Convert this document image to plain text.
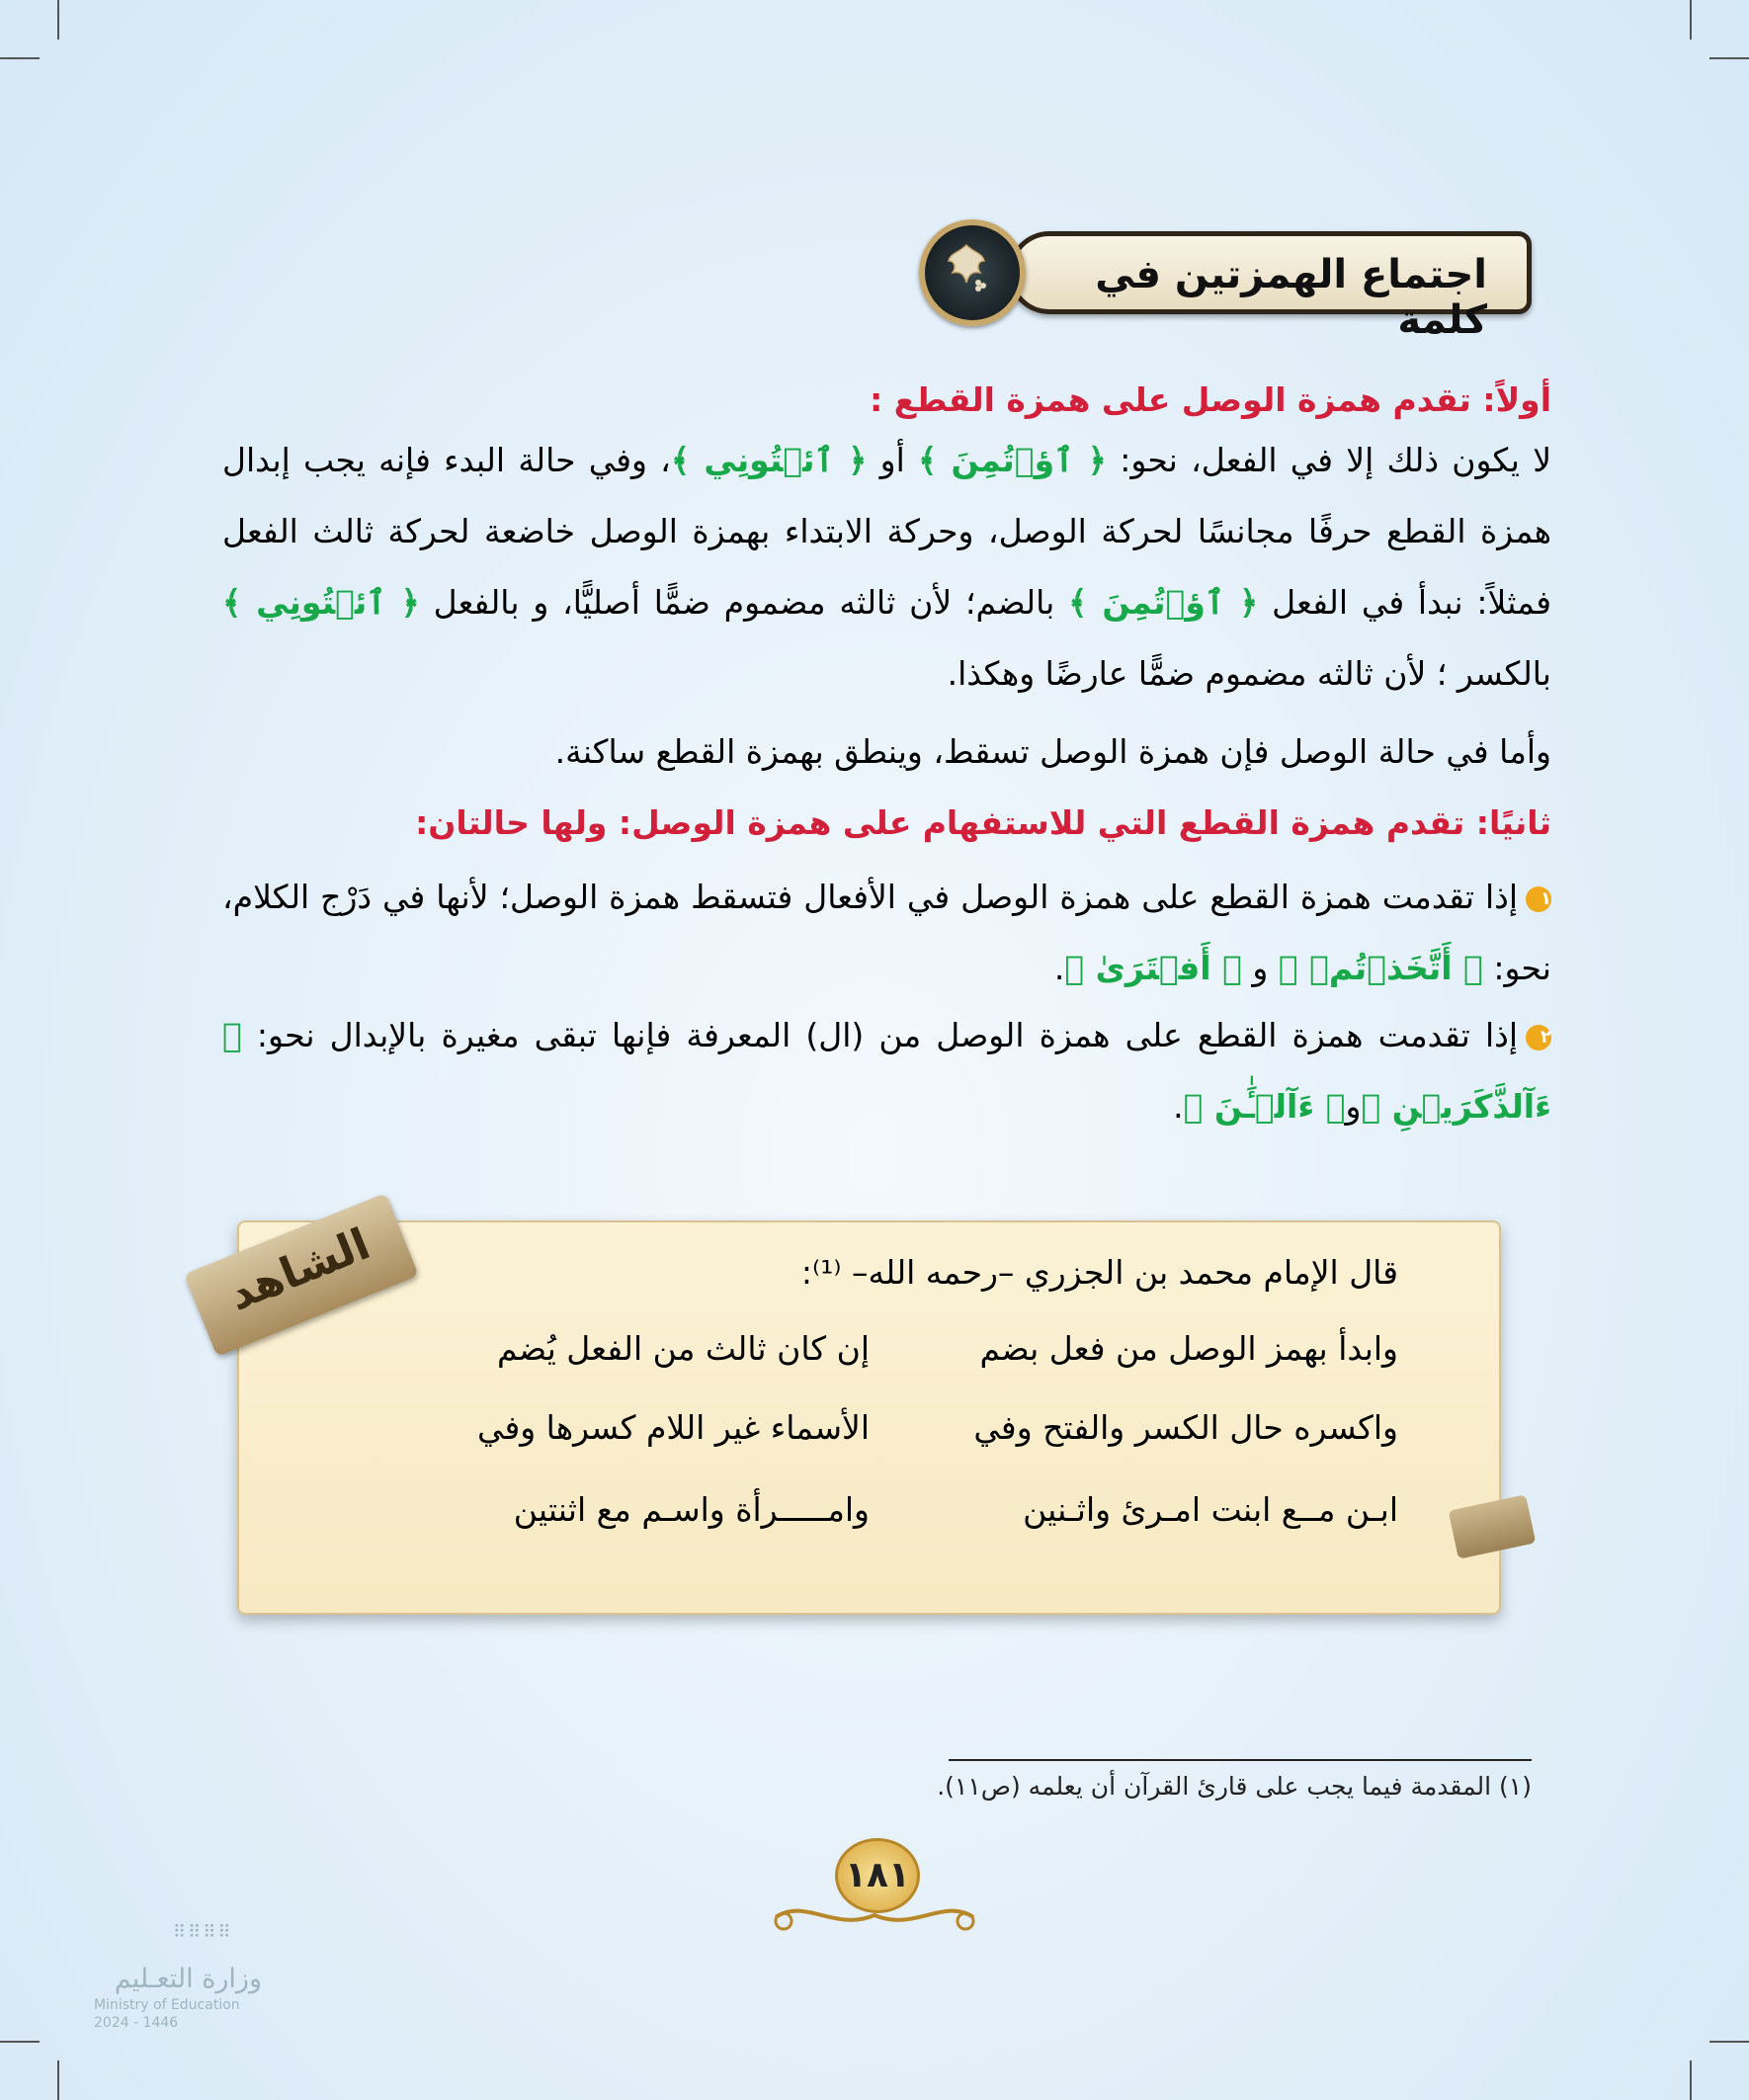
اجتماع الهمزتين في كلمة
أولاً: تقدم همزة الوصل على همزة القطع :
لا يكون ذلك إلا في الفعل، نحو: ﴿ ٱؤۡتُمِنَ ﴾ أو ﴿ ٱئۡتُونِي ﴾، وفي حالة البدء فإنه يجب إبدال همزة القطع حرفًا مجانسًا لحركة الوصل، وحركة الابتداء بهمزة الوصل خاضعة لحركة ثالث الفعل فمثلاً: نبدأ في الفعل ﴿ ٱؤۡتُمِنَ ﴾ بالضم؛ لأن ثالثه مضموم ضمًّا أصليًّا، و بالفعل ﴿ ٱئۡتُونِي ﴾ بالكسر ؛ لأن ثالثه مضموم ضمًّا عارضًا وهكذا.
وأما في حالة الوصل فإن همزة الوصل تسقط، وينطق بهمزة القطع ساكنة.
ثانيًا: تقدم همزة القطع التي للاستفهام على همزة الوصل: ولها حالتان:
١إذا تقدمت همزة القطع على همزة الوصل في الأفعال فتسقط همزة الوصل؛ لأنها في دَرْج الكلام، نحو: ﴿ أَتَّخَذۡتُمۡ ﴾ و ﴿ أَفۡتَرَىٰ ﴾.
٢إذا تقدمت همزة القطع على همزة الوصل من (ال) المعرفة فإنها تبقى مغيرة بالإبدال نحو: ﴿ ءَآلذَّكَرَيۡنِ ﴾و﴿ ءَآلۡـَٰٔنَ ﴾.
الشاهد	قال الإمام محمد بن الجزري –رحمه الله– ⁽¹⁾:
وابدأ بهمز الوصل من فعل بضم
إن كان ثالث من الفعل يُضم
واكسره حال الكسر والفتح وفي
الأسماء غير اللام كسرها وفي
ابـن مــع ابنت امـرئ واثـنين
وامـــــرأة واسـم مع اثنتين
(١) المقدمة فيما يجب على قارئ القرآن أن يعلمه (ص١١).
١٨١
⠿⠿⠿⠿
وزارة التعـليم
Ministry of Education
2024 - 1446
